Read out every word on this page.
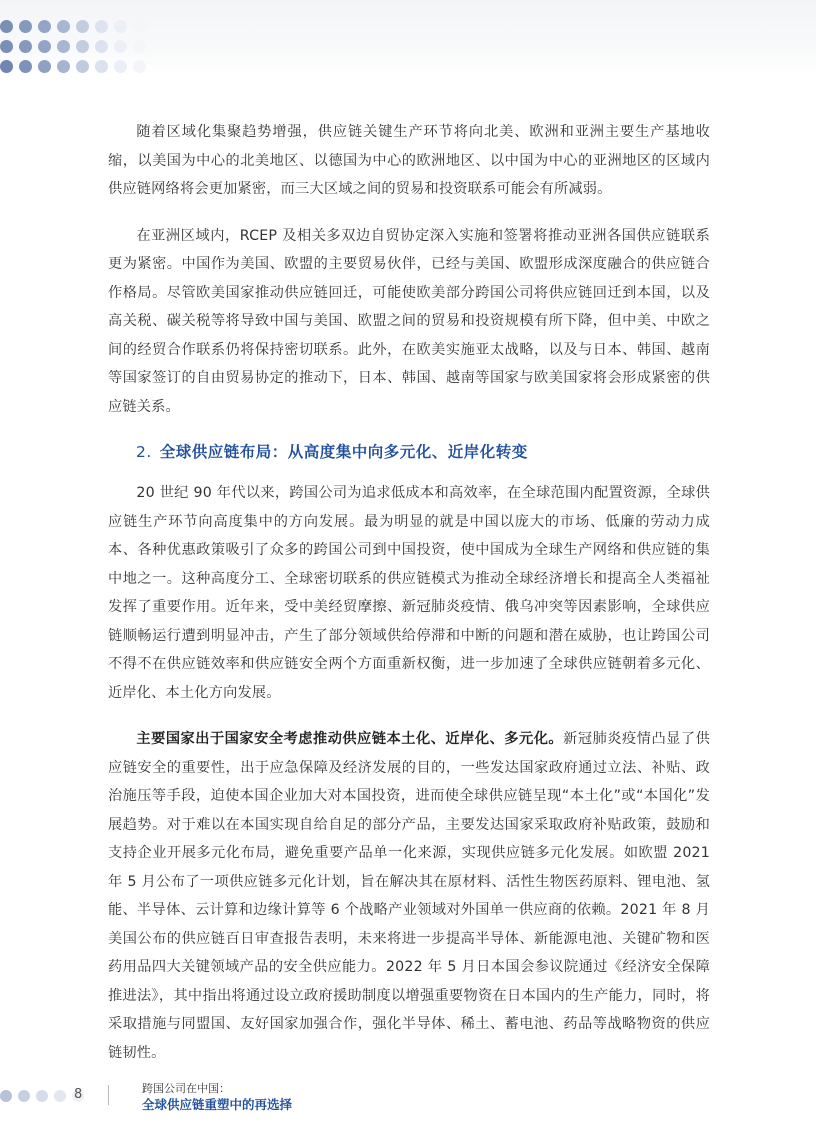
随着区域化集聚趋势增强，供应链关键生产环节将向北美、欧洲和亚洲主要生产基地收缩，以美国为中心的北美地区、以德国为中心的欧洲地区、以中国为中心的亚洲地区的区域内供应链网络将会更加紧密，而三大区域之间的贸易和投资联系可能会有所减弱。

在亚洲区域内，RCEP 及相关多双边自贸协定深入实施和签署将推动亚洲各国供应链联系更为紧密。中国作为美国、欧盟的主要贸易伙伴，已经与美国、欧盟形成深度融合的供应链合作格局。尽管欧美国家推动供应链回迁，可能使欧美部分跨国公司将供应链回迁到本国，以及高关税、碳关税等将导致中国与美国、欧盟之间的贸易和投资规模有所下降，但中美、中欧之间的经贸合作联系仍将保持密切联系。此外，在欧美实施亚太战略，以及与日本、韩国、越南等国家签订的自由贸易协定的推动下，日本、韩国、越南等国家与欧美国家将会形成紧密的供应链关系。

2. 全球供应链布局：从高度集中向多元化、近岸化转变

20 世纪 90 年代以来，跨国公司为追求低成本和高效率，在全球范围内配置资源，全球供应链生产环节向高度集中的方向发展。最为明显的就是中国以庞大的市场、低廉的劳动力成本、各种优惠政策吸引了众多的跨国公司到中国投资，使中国成为全球生产网络和供应链的集中地之一。这种高度分工、全球密切联系的供应链模式为推动全球经济增长和提高全人类福祉发挥了重要作用。近年来，受中美经贸摩擦、新冠肺炎疫情、俄乌冲突等因素影响，全球供应链顺畅运行遭到明显冲击，产生了部分领域供给停滞和中断的问题和潜在威胁，也让跨国公司不得不在供应链效率和供应链安全两个方面重新权衡，进一步加速了全球供应链朝着多元化、近岸化、本土化方向发展。

主要国家出于国家安全考虑推动供应链本土化、近岸化、多元化。新冠肺炎疫情凸显了供应链安全的重要性，出于应急保障及经济发展的目的，一些发达国家政府通过立法、补贴、政治施压等手段，迫使本国企业加大对本国投资，进而使全球供应链呈现“本土化”或“本国化”发展趋势。对于难以在本国实现自给自足的部分产品，主要发达国家采取政府补贴政策，鼓励和支持企业开展多元化布局，避免重要产品单一化来源，实现供应链多元化发展。如欧盟 2021 年 5 月公布了一项供应链多元化计划，旨在解决其在原材料、活性生物医药原料、锂电池、氢能、半导体、云计算和边缘计算等 6 个战略产业领域对外国单一供应商的依赖。2021 年 8 月美国公布的供应链百日审查报告表明，未来将进一步提高半导体、新能源电池、关键矿物和医药用品四大关键领域产品的安全供应能力。2022 年 5 月日本国会参议院通过《经济安全保障推进法》，其中指出将通过设立政府援助制度以增强重要物资在日本国内的生产能力，同时，将采取措施与同盟国、友好国家加强合作，强化半导体、稀土、蓄电池、药品等战略物资的供应链韧性。

8	跨国公司在中国：
全球供应链重塑中的再选择
